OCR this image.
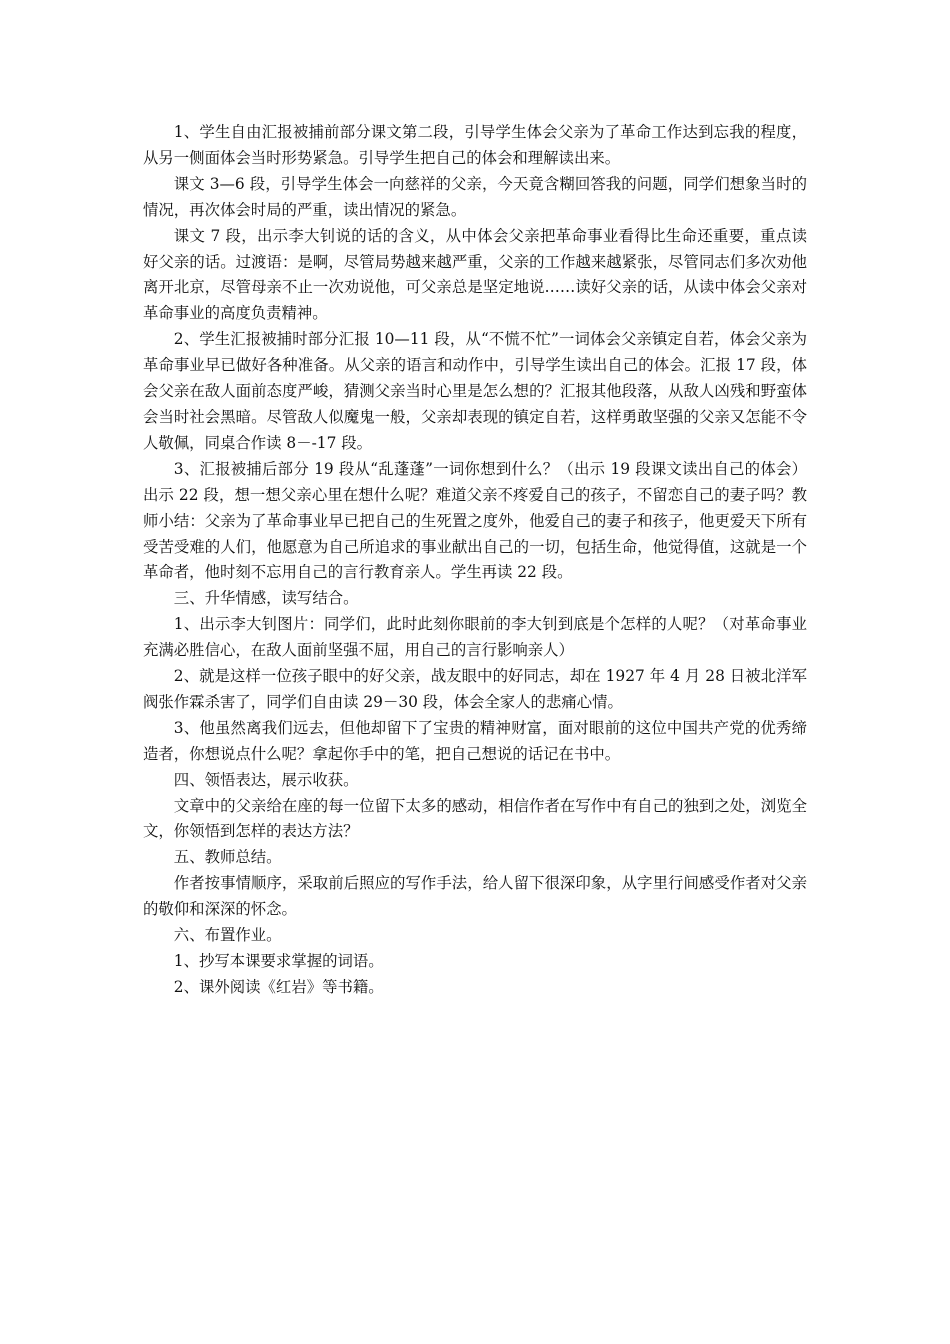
1、学生自由汇报被捕前部分课文第二段，引导学生体会父亲为了革命工作达到忘我的程度，从另一侧面体会当时形势紧急。引导学生把自己的体会和理解读出来。

课文 3—6 段，引导学生体会一向慈祥的父亲，今天竟含糊回答我的问题，同学们想象当时的情况，再次体会时局的严重，读出情况的紧急。

课文 7 段，出示李大钊说的话的含义，从中体会父亲把革命事业看得比生命还重要，重点读好父亲的话。过渡语：是啊，尽管局势越来越严重，父亲的工作越来越紧张，尽管同志们多次劝他离开北京，尽管母亲不止一次劝说他，可父亲总是坚定地说……读好父亲的话，从读中体会父亲对革命事业的高度负责精神。

2、学生汇报被捕时部分汇报 10—11 段，从“不慌不忙”一词体会父亲镇定自若，体会父亲为革命事业早已做好各种准备。从父亲的语言和动作中，引导学生读出自己的体会。汇报 17 段，体会父亲在敌人面前态度严峻，猜测父亲当时心里是怎么想的？汇报其他段落，从敌人凶残和野蛮体会当时社会黑暗。尽管敌人似魔鬼一般，父亲却表现的镇定自若，这样勇敢坚强的父亲又怎能不令人敬佩，同桌合作读 8－-17 段。

3、汇报被捕后部分 19 段从“乱蓬蓬”一词你想到什么？（出示 19 段课文读出自己的体会）出示 22 段，想一想父亲心里在想什么呢？难道父亲不疼爱自己的孩子，不留恋自己的妻子吗？教师小结：父亲为了革命事业早已把自己的生死置之度外，他爱自己的妻子和孩子，他更爱天下所有受苦受难的人们，他愿意为自己所追求的事业献出自己的一切，包括生命，他觉得值，这就是一个革命者，他时刻不忘用自己的言行教育亲人。学生再读 22 段。

三、升华情感，读写结合。

1、出示李大钊图片：同学们，此时此刻你眼前的李大钊到底是个怎样的人呢？（对革命事业充满必胜信心，在敌人面前坚强不屈，用自己的言行影响亲人）

2、就是这样一位孩子眼中的好父亲，战友眼中的好同志，却在 1927 年 4 月 28 日被北洋军阀张作霖杀害了，同学们自由读 29－30 段，体会全家人的悲痛心情。

3、他虽然离我们远去，但他却留下了宝贵的精神财富，面对眼前的这位中国共产党的优秀缔造者，你想说点什么呢？拿起你手中的笔，把自己想说的话记在书中。

四、领悟表达，展示收获。

文章中的父亲给在座的每一位留下太多的感动，相信作者在写作中有自己的独到之处，浏览全文，你领悟到怎样的表达方法？

五、教师总结。

作者按事情顺序，采取前后照应的写作手法，给人留下很深印象，从字里行间感受作者对父亲的敬仰和深深的怀念。

六、布置作业。

1、抄写本课要求掌握的词语。

2、课外阅读《红岩》等书籍。
